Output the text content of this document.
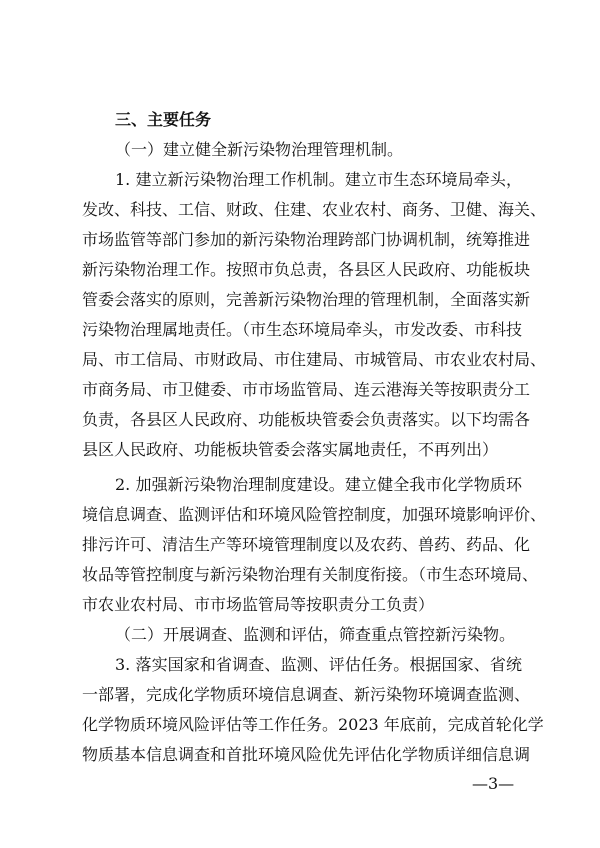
三、主要任务
（一）建立健全新污染物治理管理机制。
1. 建立新污染物治理工作机制。建立市生态环境局牵头，
发改、科技、工信、财政、住建、农业农村、商务、卫健、海关、
市场监管等部门参加的新污染物治理跨部门协调机制，统筹推进
新污染物治理工作。按照市负总责，各县区人民政府、功能板块
管委会落实的原则，完善新污染物治理的管理机制，全面落实新
污染物治理属地责任。（市生态环境局牵头，市发改委、市科技
局、市工信局、市财政局、市住建局、市城管局、市农业农村局、
市商务局、市卫健委、市市场监管局、连云港海关等按职责分工
负责，各县区人民政府、功能板块管委会负责落实。以下均需各
县区人民政府、功能板块管委会落实属地责任，不再列出）
2. 加强新污染物治理制度建设。建立健全我市化学物质环
境信息调查、监测评估和环境风险管控制度，加强环境影响评价、
排污许可、清洁生产等环境管理制度以及农药、兽药、药品、化
妆品等管控制度与新污染物治理有关制度衔接。（市生态环境局、
市农业农村局、市市场监管局等按职责分工负责）
（二）开展调查、监测和评估，筛查重点管控新污染物。
3. 落实国家和省调查、监测、评估任务。根据国家、省统
一部署，完成化学物质环境信息调查、新污染物环境调查监测、
化学物质环境风险评估等工作任务。2023 年底前，完成首轮化学
物质基本信息调查和首批环境风险优先评估化学物质详细信息调
—3—
